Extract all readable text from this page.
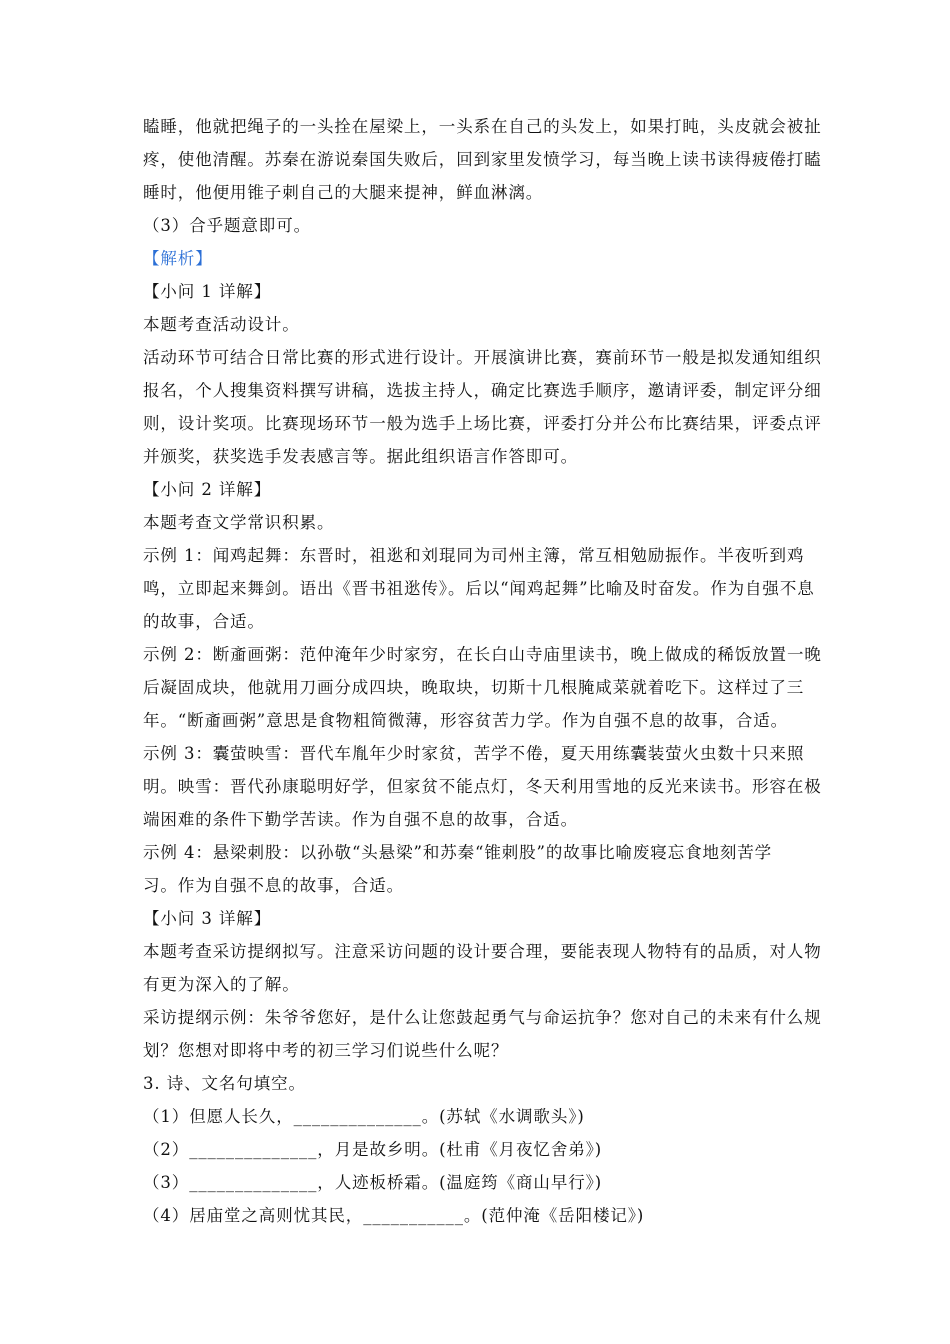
瞌睡，他就把绳子的一头拴在屋梁上，一头系在自己的头发上，如果打盹，头皮就会被扯
疼，使他清醒。苏秦在游说秦国失败后，回到家里发愤学习，每当晚上读书读得疲倦打瞌
睡时，他便用锥子刺自己的大腿来提神，鲜血淋漓。
（3）合乎题意即可。
【解析】
【小问 1 详解】
本题考查活动设计。
活动环节可结合日常比赛的形式进行设计。开展演讲比赛，赛前环节一般是拟发通知组织
报名，个人搜集资料撰写讲稿，选拔主持人，确定比赛选手顺序，邀请评委，制定评分细
则，设计奖项。比赛现场环节一般为选手上场比赛，评委打分并公布比赛结果，评委点评
并颁奖，获奖选手发表感言等。据此组织语言作答即可。
【小问 2 详解】
本题考查文学常识积累。
示例 1：闻鸡起舞：东晋时，祖逖和刘琨同为司州主簿，常互相勉励振作。半夜听到鸡
鸣，立即起来舞剑。语出《晋书祖逖传》。后以“闻鸡起舞”比喻及时奋发。作为自强不息
的故事，合适。
示例 2：断齑画粥：范仲淹年少时家穷，在长白山寺庙里读书，晚上做成的稀饭放置一晚
后凝固成块，他就用刀画分成四块，晚取块，切斯十几根腌咸菜就着吃下。这样过了三
年。“断齑画粥”意思是食物粗简微薄，形容贫苦力学。作为自强不息的故事，合适。
示例 3：囊萤映雪：晋代车胤年少时家贫，苦学不倦，夏天用练囊装萤火虫数十只来照
明。映雪：晋代孙康聪明好学，但家贫不能点灯，冬天利用雪地的反光来读书。形容在极
端困难的条件下勤学苦读。作为自强不息的故事，合适。
示例 4：悬梁刺股：以孙敬“头悬梁”和苏秦“锥刺股”的故事比喻废寝忘食地刻苦学
习。作为自强不息的故事，合适。
【小问 3 详解】
本题考查采访提纲拟写。注意采访问题的设计要合理，要能表现人物特有的品质，对人物
有更为深入的了解。
采访提纲示例：朱爷爷您好，是什么让您鼓起勇气与命运抗争？您对自己的未来有什么规
划？您想对即将中考的初三学习们说些什么呢？
3. 诗、文名句填空。
（1）但愿人长久，______________。(苏轼《水调歌头》)
（2）______________，月是故乡明。(杜甫《月夜忆舍弟》)
（3）______________，人迹板桥霜。(温庭筠《商山早行》)
（4）居庙堂之高则忧其民，___________。(范仲淹《岳阳楼记》)
